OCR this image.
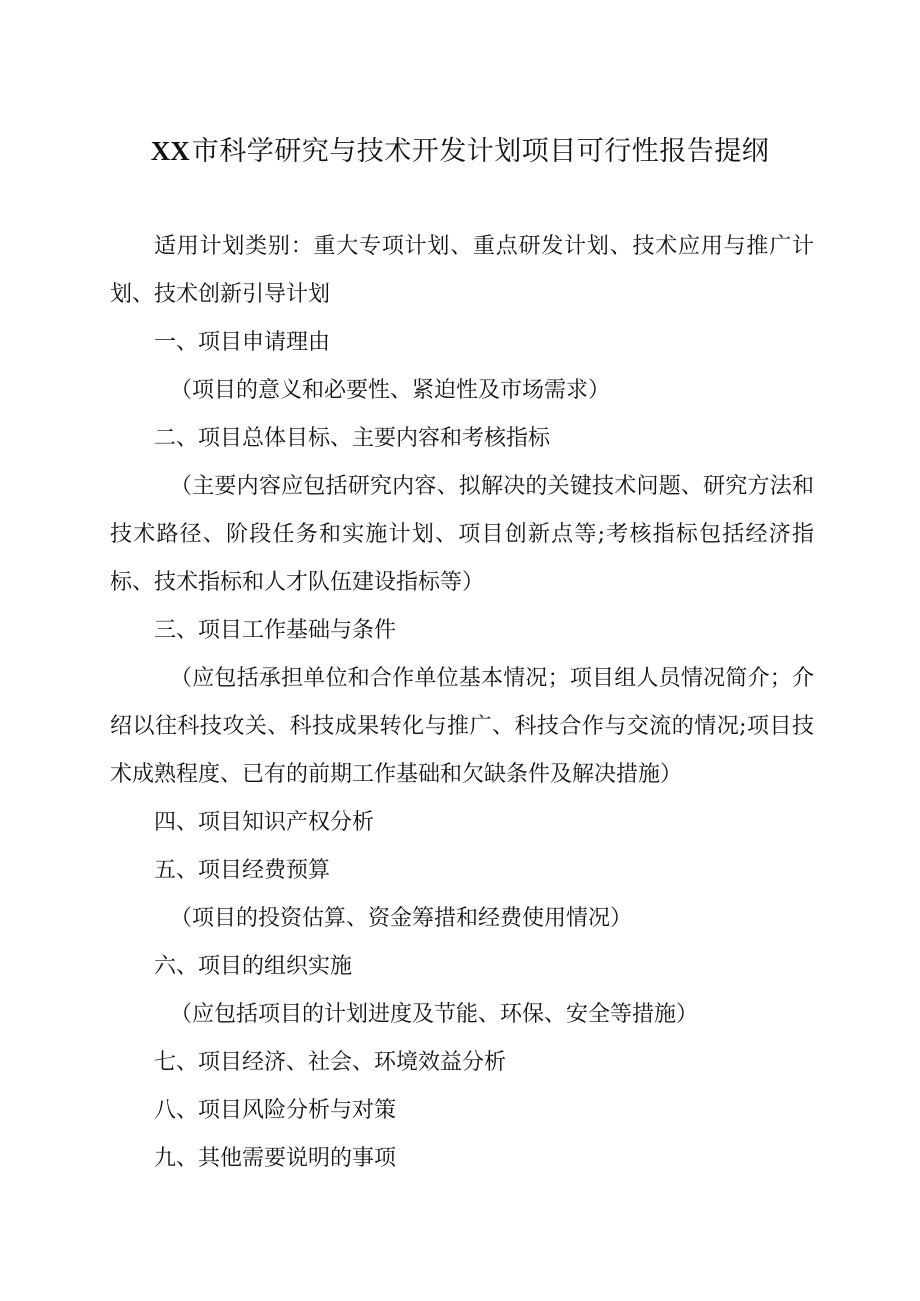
XX市科学研究与技术开发计划项目可行性报告提纲

适用计划类别：重大专项计划、重点研发计划、技术应用与推广计划、技术创新引导计划

一、项目申请理由

（项目的意义和必要性、紧迫性及市场需求）

二、项目总体目标、主要内容和考核指标

（主要内容应包括研究内容、拟解决的关键技术问题、研究方法和技术路径、阶段任务和实施计划、项目创新点等;考核指标包括经济指标、技术指标和人才队伍建设指标等）

三、项目工作基础与条件

（应包括承担单位和合作单位基本情况；项目组人员情况简介；介绍以往科技攻关、科技成果转化与推广、科技合作与交流的情况;项目技术成熟程度、已有的前期工作基础和欠缺条件及解决措施）

四、项目知识产权分析

五、项目经费预算

（项目的投资估算、资金筹措和经费使用情况）

六、项目的组织实施

（应包括项目的计划进度及节能、环保、安全等措施）

七、项目经济、社会、环境效益分析

八、项目风险分析与对策

九、其他需要说明的事项
